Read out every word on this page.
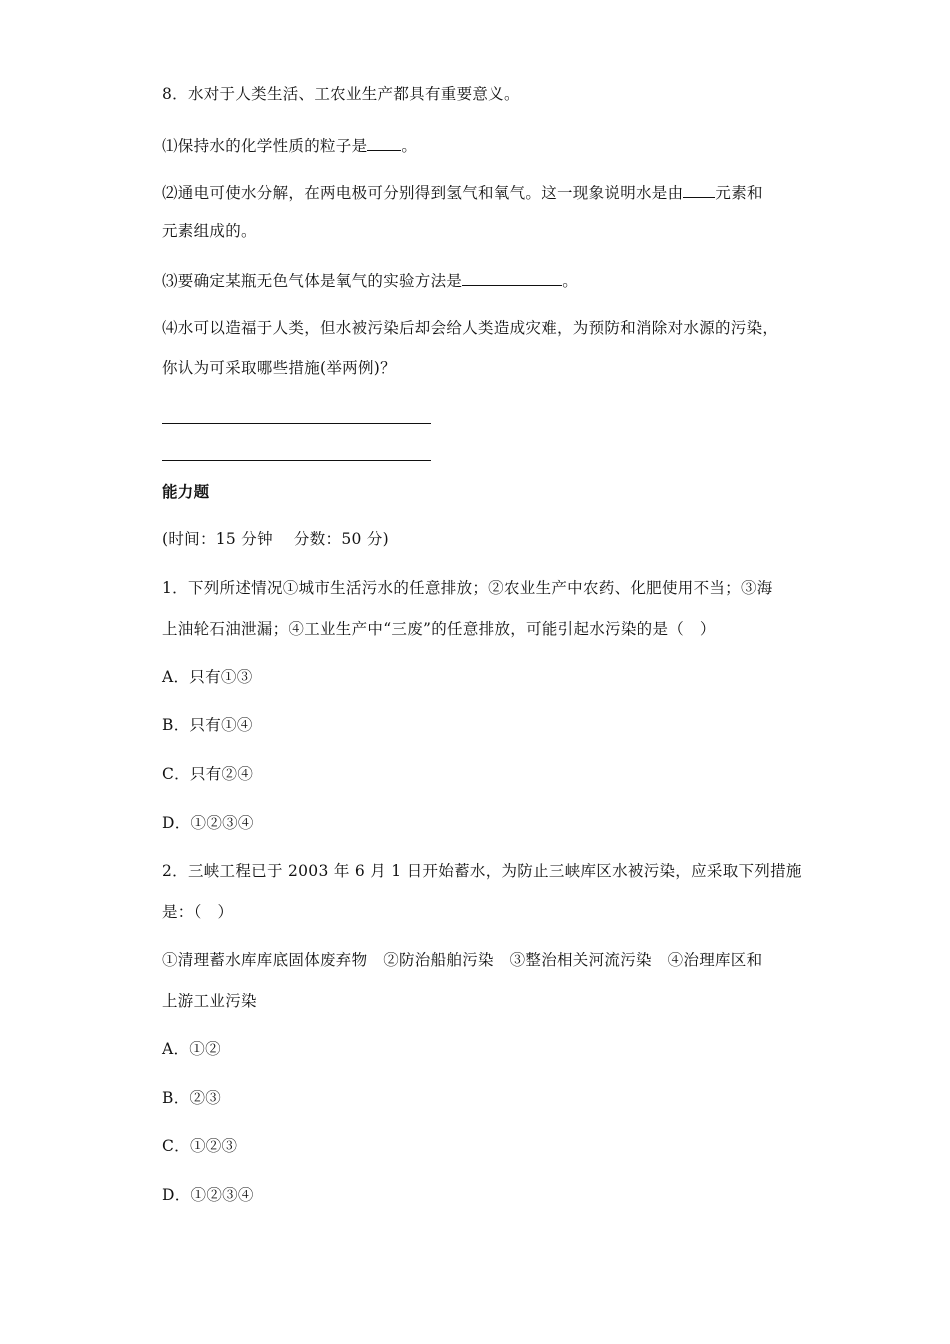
8．水对于人类生活、工农业生产都具有重要意义。
⑴保持水的化学性质的粒子是 。
⑵通电可使水分解，在两电极可分别得到氢气和氧气。这一现象说明水是由 元素和
元素组成的。
⑶要确定某瓶无色气体是氧气的实验方法是	。
⑷水可以造福于人类，但水被污染后却会给人类造成灾难，为预防和消除对水源的污染，
你认为可采取哪些措施(举两例)？
能力题
(时间：15 分钟　 分数：50 分)
1．下列所述情况①城市生活污水的任意排放；②农业生产中农药、化肥使用不当；③海
上油轮石油泄漏；④工业生产中“三废”的任意排放，可能引起水污染的是（　）
A．只有①③
B．只有①④
C．只有②④
D．①②③④
2．三峡工程已于 2003 年 6 月 1 日开始蓄水，为防止三峡库区水被污染，应采取下列措施
是：（　）
①清理蓄水库库底固体废弃物　②防治船舶污染　③整治相关河流污染　④治理库区和
上游工业污染
A．①②
B．②③
C．①②③
D．①②③④
